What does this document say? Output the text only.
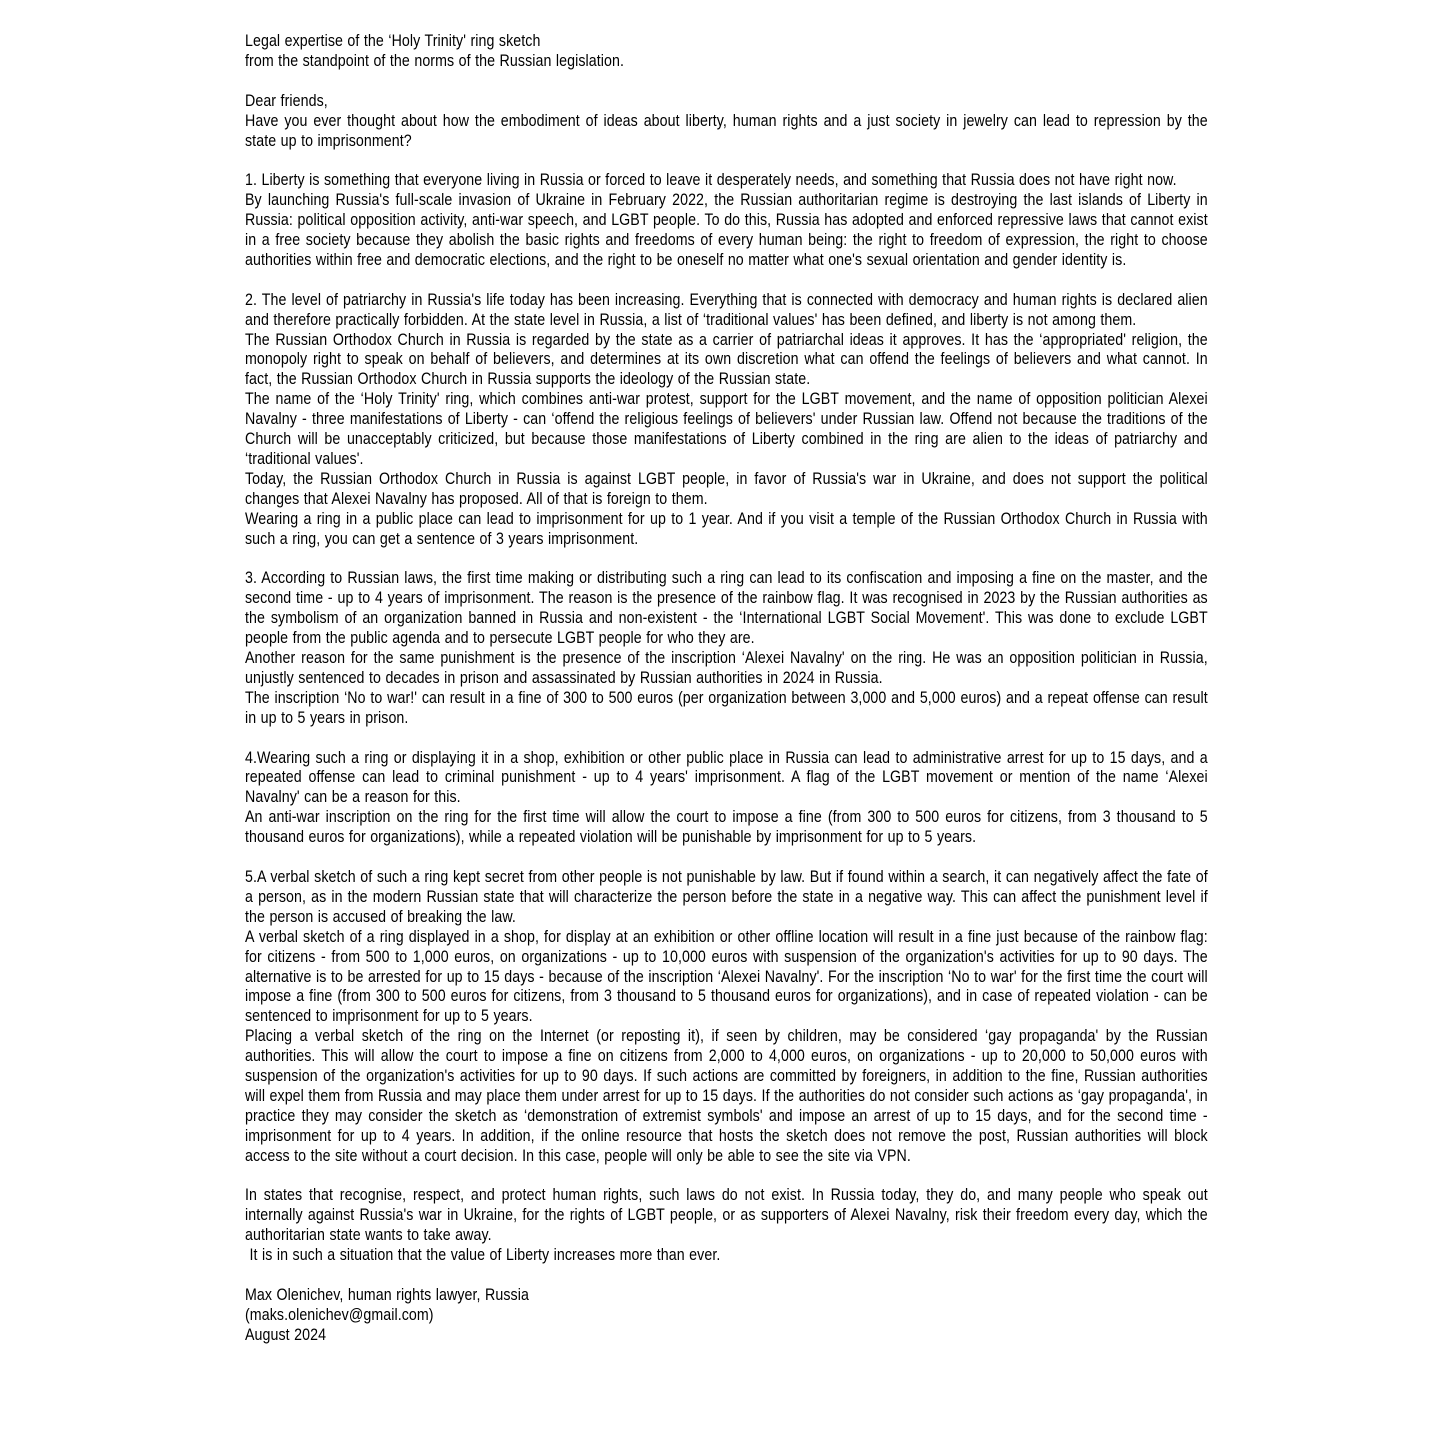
Legal expertise of the ‘Holy Trinity' ring sketch

from the standpoint of the norms of the Russian legislation.

Dear friends,

Have you ever thought about how the embodiment of ideas about liberty, human rights and a just society in jewelry can lead to repression by the state up to imprisonment?

1. Liberty is something that everyone living in Russia or forced to leave it desperately needs, and something that Russia does not have right now.

By launching Russia's full-scale invasion of Ukraine in February 2022, the Russian authoritarian regime is destroying the last islands of Liberty in Russia: political opposition activity, anti-war speech, and LGBT people. To do this, Russia has adopted and enforced repressive laws that cannot exist in a free society because they abolish the basic rights and freedoms of every human being: the right to freedom of expression, the right to choose authorities within free and democratic elections, and the right to be oneself no matter what one's sexual orientation and gender identity is.

2. The level of patriarchy in Russia's life today has been increasing. Everything that is connected with democracy and human rights is declared alien and therefore practically forbidden. At the state level in Russia, a list of ‘traditional values' has been defined, and liberty is not among them.

The Russian Orthodox Church in Russia is regarded by the state as a carrier of patriarchal ideas it approves. It has the ‘appropriated' religion, the monopoly right to speak on behalf of believers, and determines at its own discretion what can offend the feelings of believers and what cannot. In fact, the Russian Orthodox Church in Russia supports the ideology of the Russian state.

The name of the ‘Holy Trinity' ring, which combines anti-war protest, support for the LGBT movement, and the name of opposition politician Alexei Navalny - three manifestations of Liberty - can ‘offend the religious feelings of believers' under Russian law. Offend not because the traditions of the Church will be unacceptably criticized, but because those manifestations of Liberty combined in the ring are alien to the ideas of patriarchy and ‘traditional values'.

Today, the Russian Orthodox Church in Russia is against LGBT people, in favor of Russia's war in Ukraine, and does not support the political changes that Alexei Navalny has proposed. All of that is foreign to them.

Wearing a ring in a public place can lead to imprisonment for up to 1 year. And if you visit a temple of the Russian Orthodox Church in Russia with such a ring, you can get a sentence of 3 years imprisonment.

3. According to Russian laws, the first time making or distributing such a ring can lead to its confiscation and imposing a fine on the master, and the second time - up to 4 years of imprisonment. The reason is the presence of the rainbow flag. It was recognised in 2023 by the Russian authorities as the symbolism of an organization banned in Russia and non-existent - the ‘International LGBT Social Movement'. This was done to exclude LGBT people from the public agenda and to persecute LGBT people for who they are.

Another reason for the same punishment is the presence of the inscription ‘Alexei Navalny' on the ring. He was an opposition politician in Russia, unjustly sentenced to decades in prison and assassinated by Russian authorities in 2024 in Russia.

The inscription ‘No to war!' can result in a fine of 300 to 500 euros (per organization between 3,000 and 5,000 euros) and a repeat offense can result in up to 5 years in prison.

4.Wearing such a ring or displaying it in a shop, exhibition or other public place in Russia can lead to administrative arrest for up to 15 days, and a repeated offense can lead to criminal punishment - up to 4 years' imprisonment. A flag of the LGBT movement or mention of the name ‘Alexei Navalny' can be a reason for this.

An anti-war inscription on the ring for the first time will allow the court to impose a fine (from 300 to 500 euros for citizens, from 3 thousand to 5 thousand euros for organizations), while a repeated violation will be punishable by imprisonment for up to 5 years.

5.A verbal sketch of such a ring kept secret from other people is not punishable by law. But if found within a search, it can negatively affect the fate of a person, as in the modern Russian state that will characterize the person before the state in a negative way. This can affect the punishment level if the person is accused of breaking the law.

A verbal sketch of a ring displayed in a shop, for display at an exhibition or other offline location will result in a fine just because of the rainbow flag: for citizens - from 500 to 1,000 euros, on organizations - up to 10,000 euros with suspension of the organization's activities for up to 90 days. The alternative is to be arrested for up to 15 days - because of the inscription ‘Alexei Navalny'. For the inscription ‘No to war' for the first time the court will impose a fine (from 300 to 500 euros for citizens, from 3 thousand to 5 thousand euros for organizations), and in case of repeated violation - can be sentenced to imprisonment for up to 5 years.

Placing a verbal sketch of the ring on the Internet (or reposting it), if seen by children, may be considered ‘gay propaganda' by the Russian authorities. This will allow the court to impose a fine on citizens from 2,000 to 4,000 euros, on organizations - up to 20,000 to 50,000 euros with suspension of the organization's activities for up to 90 days. If such actions are committed by foreigners, in addition to the fine, Russian authorities will expel them from Russia and may place them under arrest for up to 15 days. If the authorities do not consider such actions as ‘gay propaganda', in practice they may consider the sketch as ‘demonstration of extremist symbols' and impose an arrest of up to 15 days, and for the second time - imprisonment for up to 4 years. In addition, if the online resource that hosts the sketch does not remove the post, Russian authorities will block access to the site without a court decision. In this case, people will only be able to see the site via VPN.

In states that recognise, respect, and protect human rights, such laws do not exist. In Russia today, they do, and many people who speak out internally against Russia's war in Ukraine, for the rights of LGBT people, or as supporters of Alexei Navalny, risk their freedom every day, which the authoritarian state wants to take away.

It is in such a situation that the value of Liberty increases more than ever.

Max Olenichev, human rights lawyer, Russia

(maks.olenichev@gmail.com)

August 2024
